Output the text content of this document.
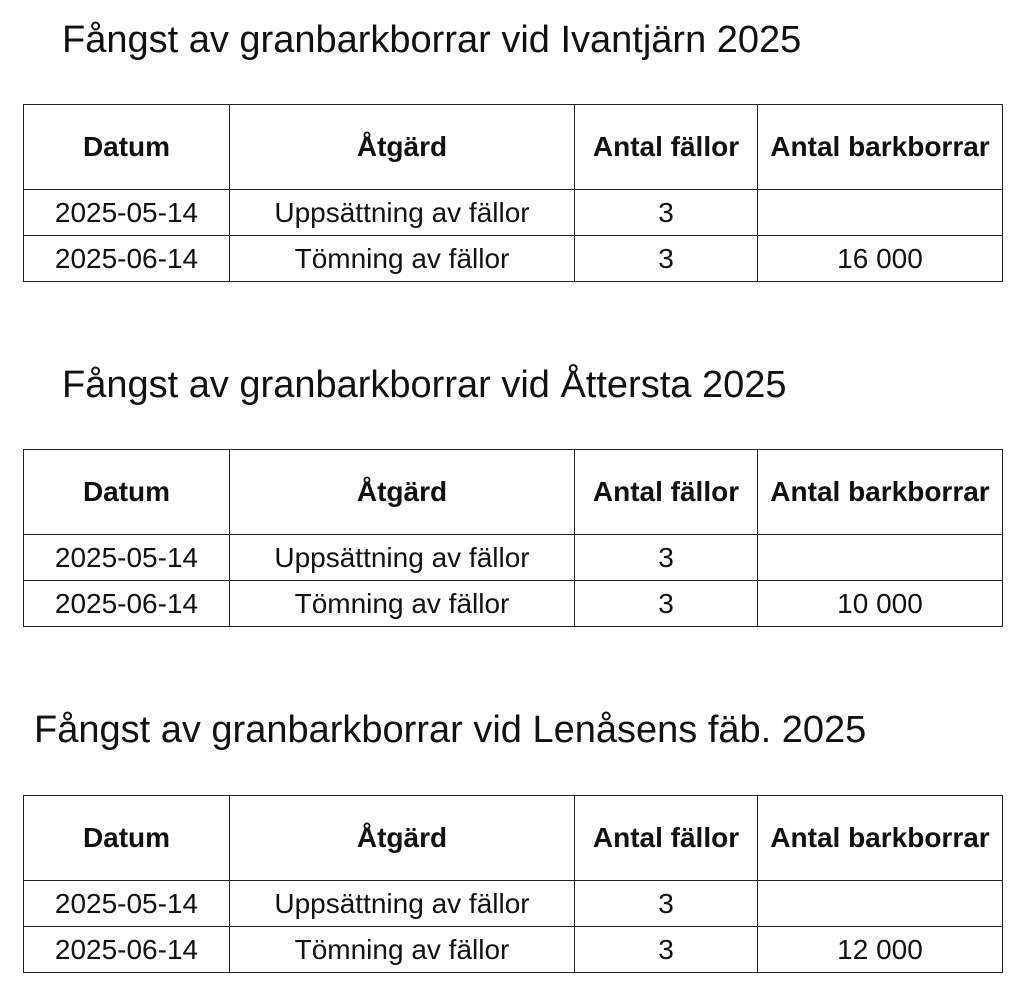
Fångst av granbarkborrar vid Ivantjärn 2025
Datum	Åtgärd	Antal fällor	Antal barkborrar

2025-05-14	Uppsättning av fällor	3	
2025-06-14	Tömning av fällor	3	16 000
Fångst av granbarkborrar vid Åttersta 2025
Datum	Åtgärd	Antal fällor	Antal barkborrar

2025-05-14	Uppsättning av fällor	3	
2025-06-14	Tömning av fällor	3	10 000
Fångst av granbarkborrar vid Lenåsens fäb. 2025
Datum	Åtgärd	Antal fällor	Antal barkborrar

2025-05-14	Uppsättning av fällor	3	
2025-06-14	Tömning av fällor	3	12 000
